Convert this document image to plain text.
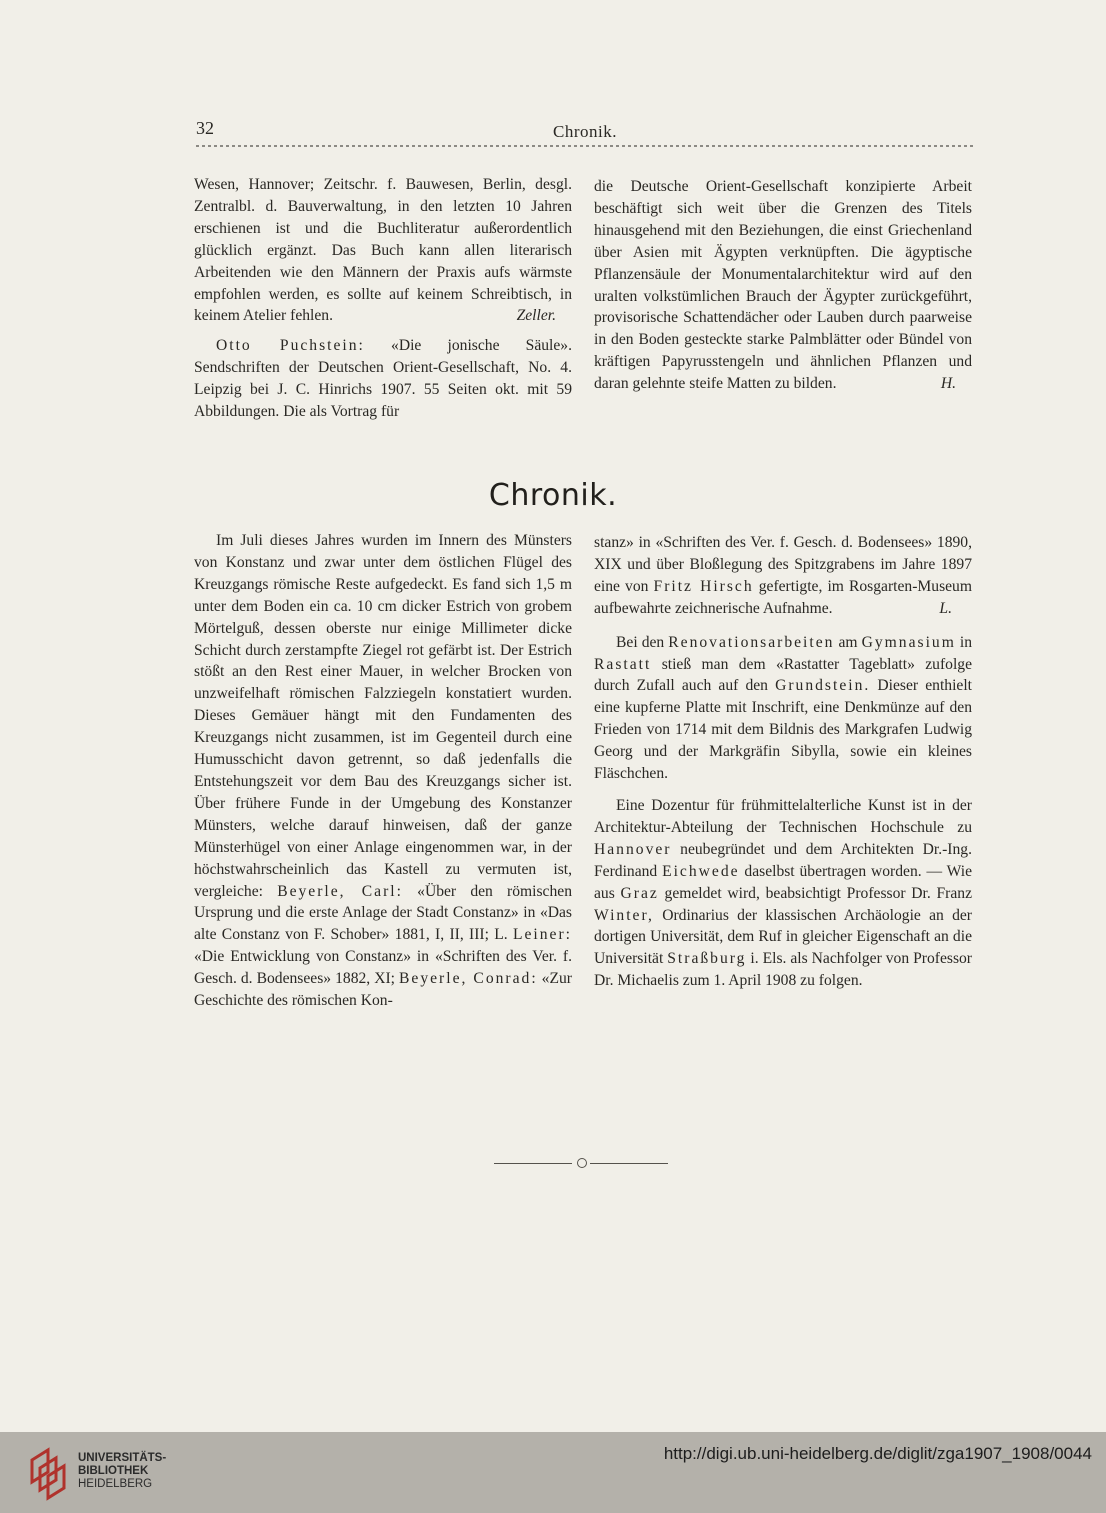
32	Chronik.

Wesen, Hannover; Zeitschr. f. Bauwesen, Berlin, desgl. Zentralbl. d. Bauverwaltung, in den letzten 10 Jahren erschienen ist und die Buchliteratur außerordentlich glücklich ergänzt. Das Buch kann allen literarisch Arbeitenden wie den Männern der Praxis aufs wärmste empfohlen werden, es sollte auf keinem Schreibtisch, in keinem Atelier fehlen.	Zeller.

Otto Puchstein: «Die jonische Säule». Sendschriften der Deutschen Orient-Gesellschaft, No. 4. Leipzig bei J. C. Hinrichs 1907. 55 Seiten okt. mit 59 Abbildungen. Die als Vortrag für

die Deutsche Orient-Gesellschaft konzipierte Arbeit beschäftigt sich weit über die Grenzen des Titels hinausgehend mit den Beziehungen, die einst Griechenland über Asien mit Ägypten verknüpften. Die ägyptische Pflanzensäule der Monumentalarchitektur wird auf den uralten volkstümlichen Brauch der Ägypter zurückgeführt, provisorische Schattendächer oder Lauben durch paarweise in den Boden gesteckte starke Palmblätter oder Bündel von kräftigen Papyrusstengeln und ähnlichen Pflanzen und daran gelehnte steife Matten zu bilden.	H.

Chronik.

Im Juli dieses Jahres wurden im Innern des Münsters von Konstanz und zwar unter dem östlichen Flügel des Kreuzgangs römische Reste aufgedeckt. Es fand sich 1,5 m unter dem Boden ein ca. 10 cm dicker Estrich von grobem Mörtelguß, dessen oberste nur einige Millimeter dicke Schicht durch zerstampfte Ziegel rot gefärbt ist. Der Estrich stößt an den Rest einer Mauer, in welcher Brocken von unzweifelhaft römischen Falzziegeln konstatiert wurden. Dieses Gemäuer hängt mit den Fundamenten des Kreuzgangs nicht zusammen, ist im Gegenteil durch eine Humusschicht davon getrennt, so daß jedenfalls die Entstehungszeit vor dem Bau des Kreuzgangs sicher ist. Über frühere Funde in der Umgebung des Konstanzer Münsters, welche darauf hinweisen, daß der ganze Münsterhügel von einer Anlage eingenommen war, in der höchstwahrscheinlich das Kastell zu vermuten ist, vergleiche: Beyerle, Carl: «Über den römischen Ursprung und die erste Anlage der Stadt Constanz» in «Das alte Constanz von F. Schober» 1881, I, II, III; L. Leiner: «Die Entwicklung von Constanz» in «Schriften des Ver. f. Gesch. d. Bodensees» 1882, XI; Beyerle, Conrad: «Zur Geschichte des römischen Kon-

stanz» in «Schriften des Ver. f. Gesch. d. Bodensees» 1890, XIX und über Bloßlegung des Spitzgrabens im Jahre 1897 eine von Fritz Hirsch gefertigte, im Rosgarten-Museum aufbewahrte zeichnerische Aufnahme.	L.

Bei den Renovationsarbeiten am Gymnasium in Rastatt stieß man dem «Rastatter Tageblatt» zufolge durch Zufall auch auf den Grundstein. Dieser enthielt eine kupferne Platte mit Inschrift, eine Denkmünze auf den Frieden von 1714 mit dem Bildnis des Markgrafen Ludwig Georg und der Markgräfin Sibylla, sowie ein kleines Fläschchen.

Eine Dozentur für frühmittelalterliche Kunst ist in der Architektur-Abteilung der Technischen Hochschule zu Hannover neubegründet und dem Architekten Dr.-Ing. Ferdinand Eichwede daselbst übertragen worden. — Wie aus Graz gemeldet wird, beabsichtigt Professor Dr. Franz Winter, Ordinarius der klassischen Archäologie an der dortigen Universität, dem Ruf in gleicher Eigenschaft an die Universität Straßburg i. Els. als Nachfolger von Professor Dr. Michaelis zum 1. April 1908 zu folgen.

UNIVERSITÄTS-
BIBLIOTHEK
HEIDELBERG
http://digi.ub.uni-heidelberg.de/diglit/zga1907_1908/0044
